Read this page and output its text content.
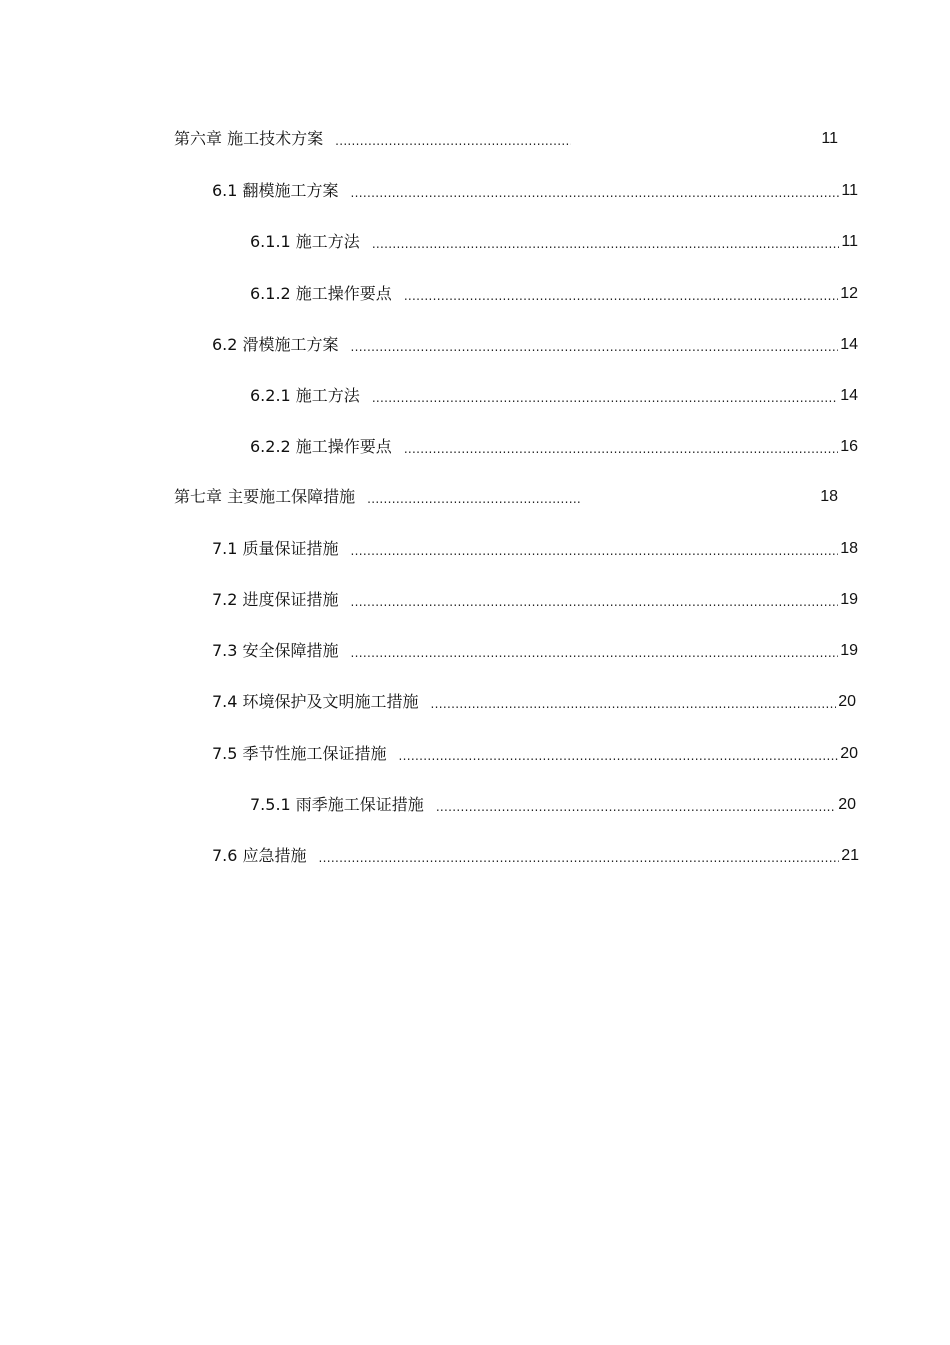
第六章 施工技术方案 .....	11
6.1 翻模施工方案 .....	11
6.1.1 施工方法 .....	11
6.1.2 施工操作要点 .....	12
6.2 滑模施工方案 .....	14
6.2.1 施工方法 .....	14
6.2.2 施工操作要点 .....	16
第七章 主要施工保障措施 .....	18
7.1 质量保证措施 .....	18
7.2 进度保证措施 .....	19
7.3 安全保障措施 .....	19
7.4 环境保护及文明施工措施 .....	20
7.5 季节性施工保证措施 .....	20
7.5.1 雨季施工保证措施 .....	20
7.6 应急措施 .....	21
